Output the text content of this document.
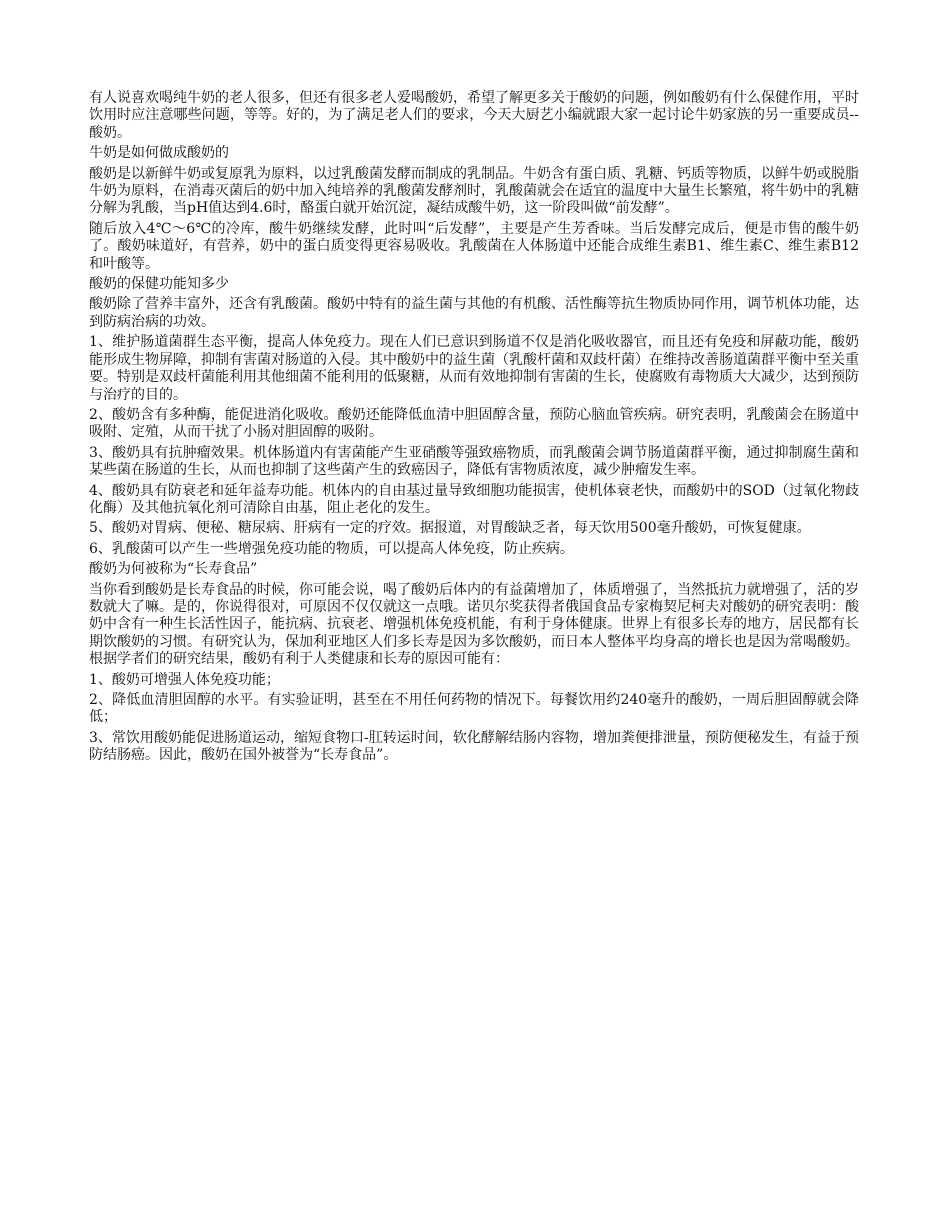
有人说喜欢喝纯牛奶的老人很多，但还有很多老人爱喝酸奶，希望了解更多关于酸奶的问题，例如酸奶有什么保健作用，平时饮用时应注意哪些问题，等等。好的，为了满足老人们的要求，今天大厨艺小编就跟大家一起讨论牛奶家族的另一重要成员--酸奶。

牛奶是如何做成酸奶的

酸奶是以新鲜牛奶或复原乳为原料，以过乳酸菌发酵而制成的乳制品。牛奶含有蛋白质、乳糖、钙质等物质，以鲜牛奶或脱脂牛奶为原料，在消毒灭菌后的奶中加入纯培养的乳酸菌发酵剂时，乳酸菌就会在适宜的温度中大量生长繁殖，将牛奶中的乳糖分解为乳酸，当pH值达到4.6时，酪蛋白就开始沉淀，凝结成酸牛奶，这一阶段叫做“前发酵”。

随后放入4℃～6℃的冷库，酸牛奶继续发酵，此时叫“后发酵”，主要是产生芳香味。当后发酵完成后，便是市售的酸牛奶了。酸奶味道好，有营养，奶中的蛋白质变得更容易吸收。乳酸菌在人体肠道中还能合成维生素B1、维生素C、维生素B12和叶酸等。

酸奶的保健功能知多少

酸奶除了营养丰富外，还含有乳酸菌。酸奶中特有的益生菌与其他的有机酸、活性酶等抗生物质协同作用，调节机体功能，达到防病治病的功效。

1、维护肠道菌群生态平衡，提高人体免疫力。现在人们已意识到肠道不仅是消化吸收器官，而且还有免疫和屏蔽功能，酸奶能形成生物屏障，抑制有害菌对肠道的入侵。其中酸奶中的益生菌（乳酸杆菌和双歧杆菌）在维持改善肠道菌群平衡中至关重要。特别是双歧杆菌能利用其他细菌不能利用的低聚糖，从而有效地抑制有害菌的生长，使腐败有毒物质大大减少，达到预防与治疗的目的。

2、酸奶含有多种酶，能促进消化吸收。酸奶还能降低血清中胆固醇含量，预防心脑血管疾病。研究表明，乳酸菌会在肠道中吸附、定殖，从而干扰了小肠对胆固醇的吸附。

3、酸奶具有抗肿瘤效果。机体肠道内有害菌能产生亚硝酸等强致癌物质，而乳酸菌会调节肠道菌群平衡，通过抑制腐生菌和某些菌在肠道的生长，从而也抑制了这些菌产生的致癌因子，降低有害物质浓度，减少肿瘤发生率。

4、酸奶具有防衰老和延年益寿功能。机体内的自由基过量导致细胞功能损害，使机体衰老快，而酸奶中的SOD（过氧化物歧化酶）及其他抗氧化剂可清除自由基，阻止老化的发生。

5、酸奶对胃病、便秘、糖尿病、肝病有一定的疗效。据报道，对胃酸缺乏者，每天饮用500毫升酸奶，可恢复健康。

6、乳酸菌可以产生一些增强免疫功能的物质，可以提高人体免疫，防止疾病。

酸奶为何被称为“长寿食品”

当你看到酸奶是长寿食品的时候，你可能会说，喝了酸奶后体内的有益菌增加了，体质增强了，当然抵抗力就增强了，活的岁数就大了嘛。是的，你说得很对，可原因不仅仅就这一点哦。诺贝尔奖获得者俄国食品专家梅契尼柯夫对酸奶的研究表明：酸奶中含有一种生长活性因子，能抗病、抗衰老、增强机体免疫机能，有利于身体健康。世界上有很多长寿的地方，居民都有长期饮酸奶的习惯。有研究认为，保加利亚地区人们多长寿是因为多饮酸奶，而日本人整体平均身高的增长也是因为常喝酸奶。根据学者们的研究结果，酸奶有利于人类健康和长寿的原因可能有：

1、酸奶可增强人体免疫功能；

2、降低血清胆固醇的水平。有实验证明，甚至在不用任何药物的情况下。每餐饮用约240毫升的酸奶，一周后胆固醇就会降低；

3、常饮用酸奶能促进肠道运动，缩短食物口-肛转运时间，软化酵解结肠内容物，增加粪便排泄量，预防便秘发生，有益于预防结肠癌。因此，酸奶在国外被誉为“长寿食品”。
